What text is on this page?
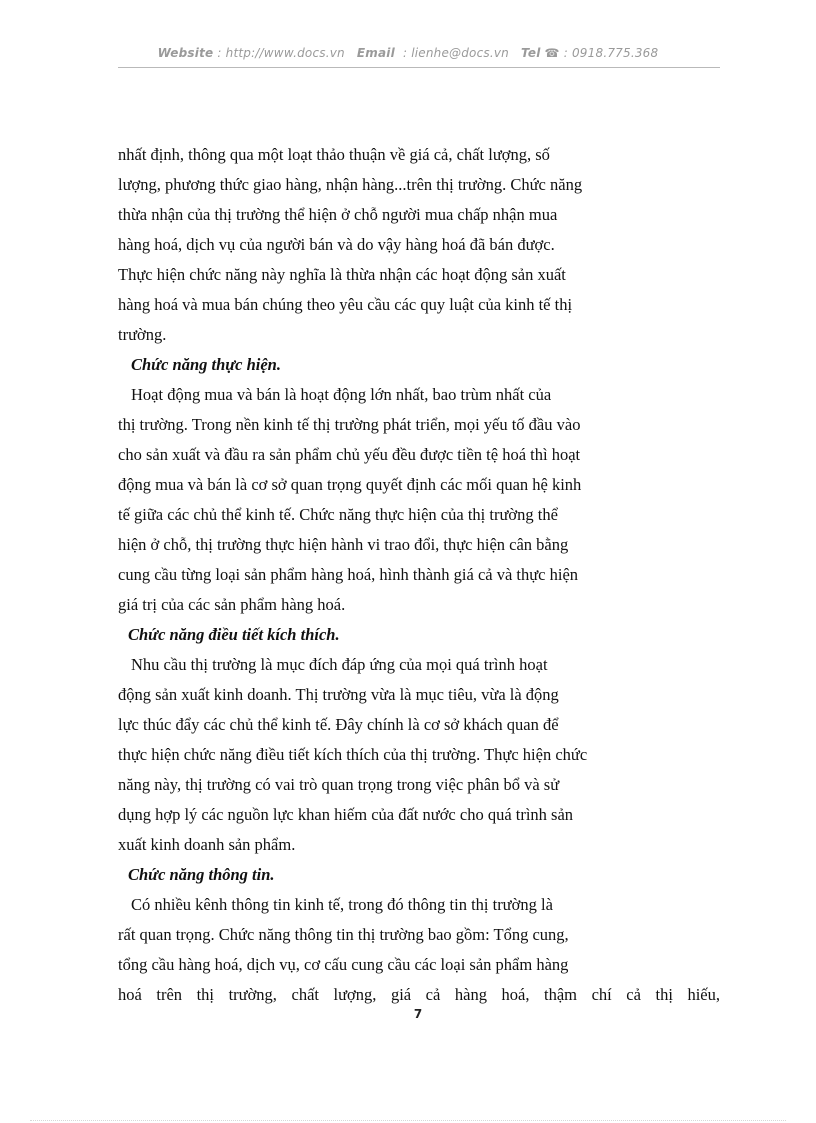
Website : http://www.docs.vn Email : lienhe@docs.vn Tel ☎ : 0918.775.368
nhất định, thông qua một loạt thảo thuận về giá cả, chất lượng, số
lượng, phương thức giao hàng, nhận hàng...trên thị trường. Chức năng
thừa nhận của thị trường thể hiện ở chỗ người mua chấp nhận mua
hàng hoá, dịch vụ của người bán và do vậy hàng hoá đã bán được.
Thực hiện chức năng này nghĩa là thừa nhận các hoạt động sản xuất
hàng hoá và mua bán chúng theo yêu cầu các quy luật của kinh tế thị
trường.
Chức năng thực hiện.
Hoạt động mua và bán là hoạt động lớn nhất, bao trùm nhất của
thị trường. Trong nền kinh tế thị trường phát triển, mọi yếu tố đầu vào
cho sản xuất và đầu ra sản phẩm chủ yếu đều được tiền tệ hoá thì hoạt
động mua và bán là cơ sở quan trọng quyết định các mối quan hệ kinh
tế giữa các chủ thể kinh tế. Chức năng thực hiện của thị trường thể
hiện ở chỗ, thị trường thực hiện hành vi trao đổi, thực hiện cân bằng
cung cầu từng loại sản phẩm hàng hoá, hình thành giá cả và thực hiện
giá trị của các sản phẩm hàng hoá.
Chức năng điều tiết kích thích.
Nhu cầu thị trường là mục đích đáp ứng của mọi quá trình hoạt
động sản xuất kinh doanh. Thị trường vừa là mục tiêu, vừa là động
lực thúc đẩy các chủ thể kinh tế. Đây chính là cơ sở khách quan để
thực hiện chức năng điều tiết kích thích của thị trường. Thực hiện chức
năng này, thị trường có vai trò quan trọng trong việc phân bổ và sử
dụng hợp lý các nguồn lực khan hiếm của đất nước cho quá trình sản
xuất kinh doanh sản phẩm.
Chức năng thông tin.
Có nhiều kênh thông tin kinh tế, trong đó thông tin thị trường là
rất quan trọng. Chức năng thông tin thị trường bao gồm: Tổng cung,
tổng cầu hàng hoá, dịch vụ, cơ cấu cung cầu các loại sản phẩm hàng
hoá trên thị trường, chất lượng, giá cả hàng hoá, thậm chí cả thị hiếu,
7
